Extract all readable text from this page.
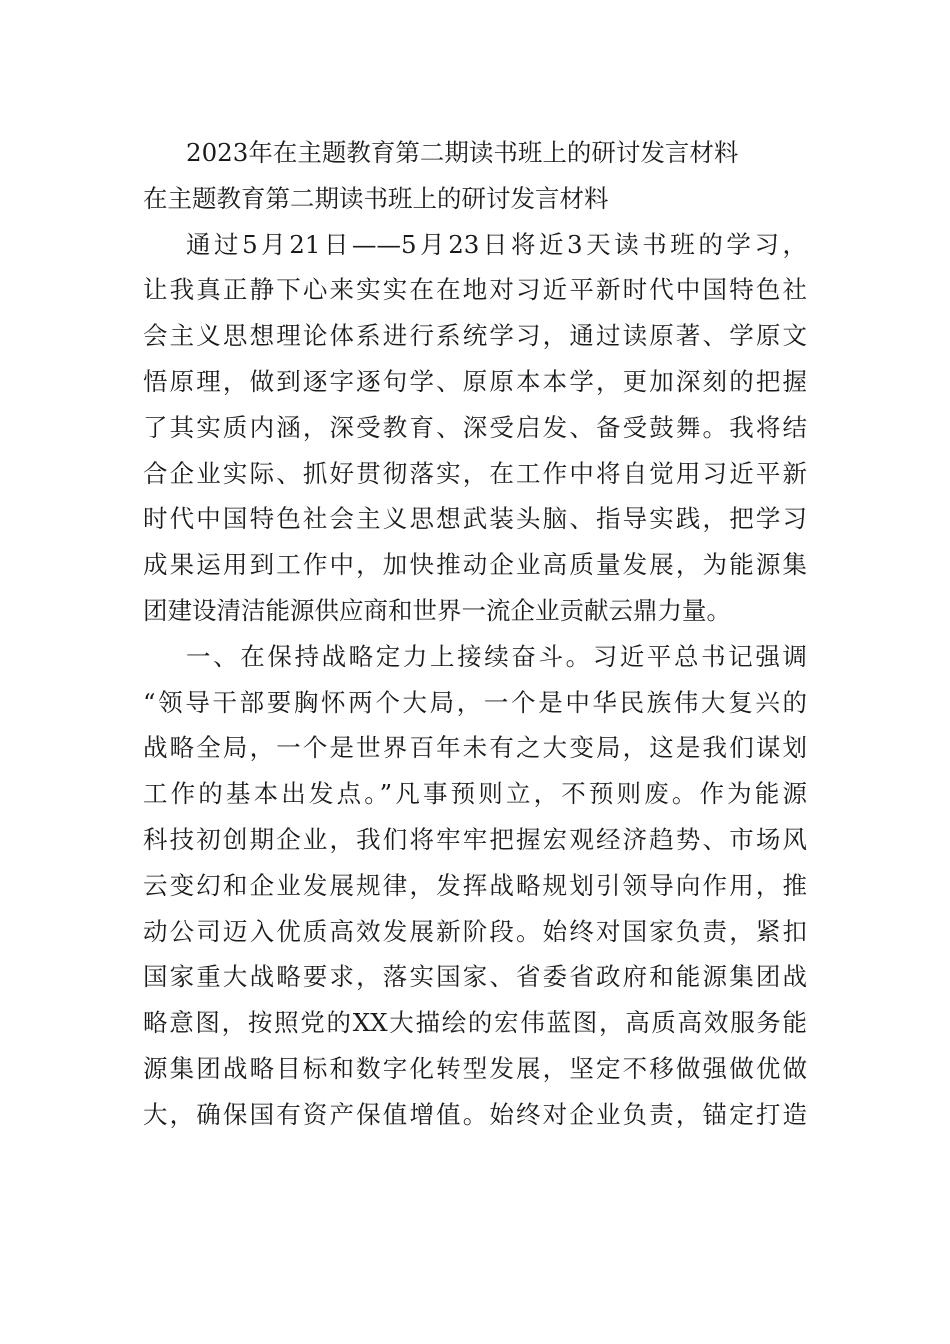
2023年在主题教育第二期读书班上的研讨发言材料
在主题教育第二期读书班上的研讨发言材料
通过5月21日——5月23日将近3天读书班的学习，
让我真正静下心来实实在在地对习近平新时代中国特色社
会主义思想理论体系进行系统学习，通过读原著、学原文
悟原理，做到逐字逐句学、原原本本学，更加深刻的把握
了其实质内涵，深受教育、深受启发、备受鼓舞。我将结
合企业实际、抓好贯彻落实，在工作中将自觉用习近平新
时代中国特色社会主义思想武装头脑、指导实践，把学习
成果运用到工作中，加快推动企业高质量发展，为能源集
团建设清洁能源供应商和世界一流企业贡献云鼎力量。
一、在保持战略定力上接续奋斗。习近平总书记强调
“领导干部要胸怀两个大局，一个是中华民族伟大复兴的
战略全局，一个是世界百年未有之大变局，这是我们谋划
工作的基本出发点。”凡事预则立，不预则废。作为能源
科技初创期企业，我们将牢牢把握宏观经济趋势、市场风
云变幻和企业发展规律，发挥战略规划引领导向作用，推
动公司迈入优质高效发展新阶段。始终对国家负责，紧扣
国家重大战略要求，落实国家、省委省政府和能源集团战
略意图，按照党的XX大描绘的宏伟蓝图，高质高效服务能
源集团战略目标和数字化转型发展，坚定不移做强做优做
大，确保国有资产保值增值。始终对企业负责，锚定打造
